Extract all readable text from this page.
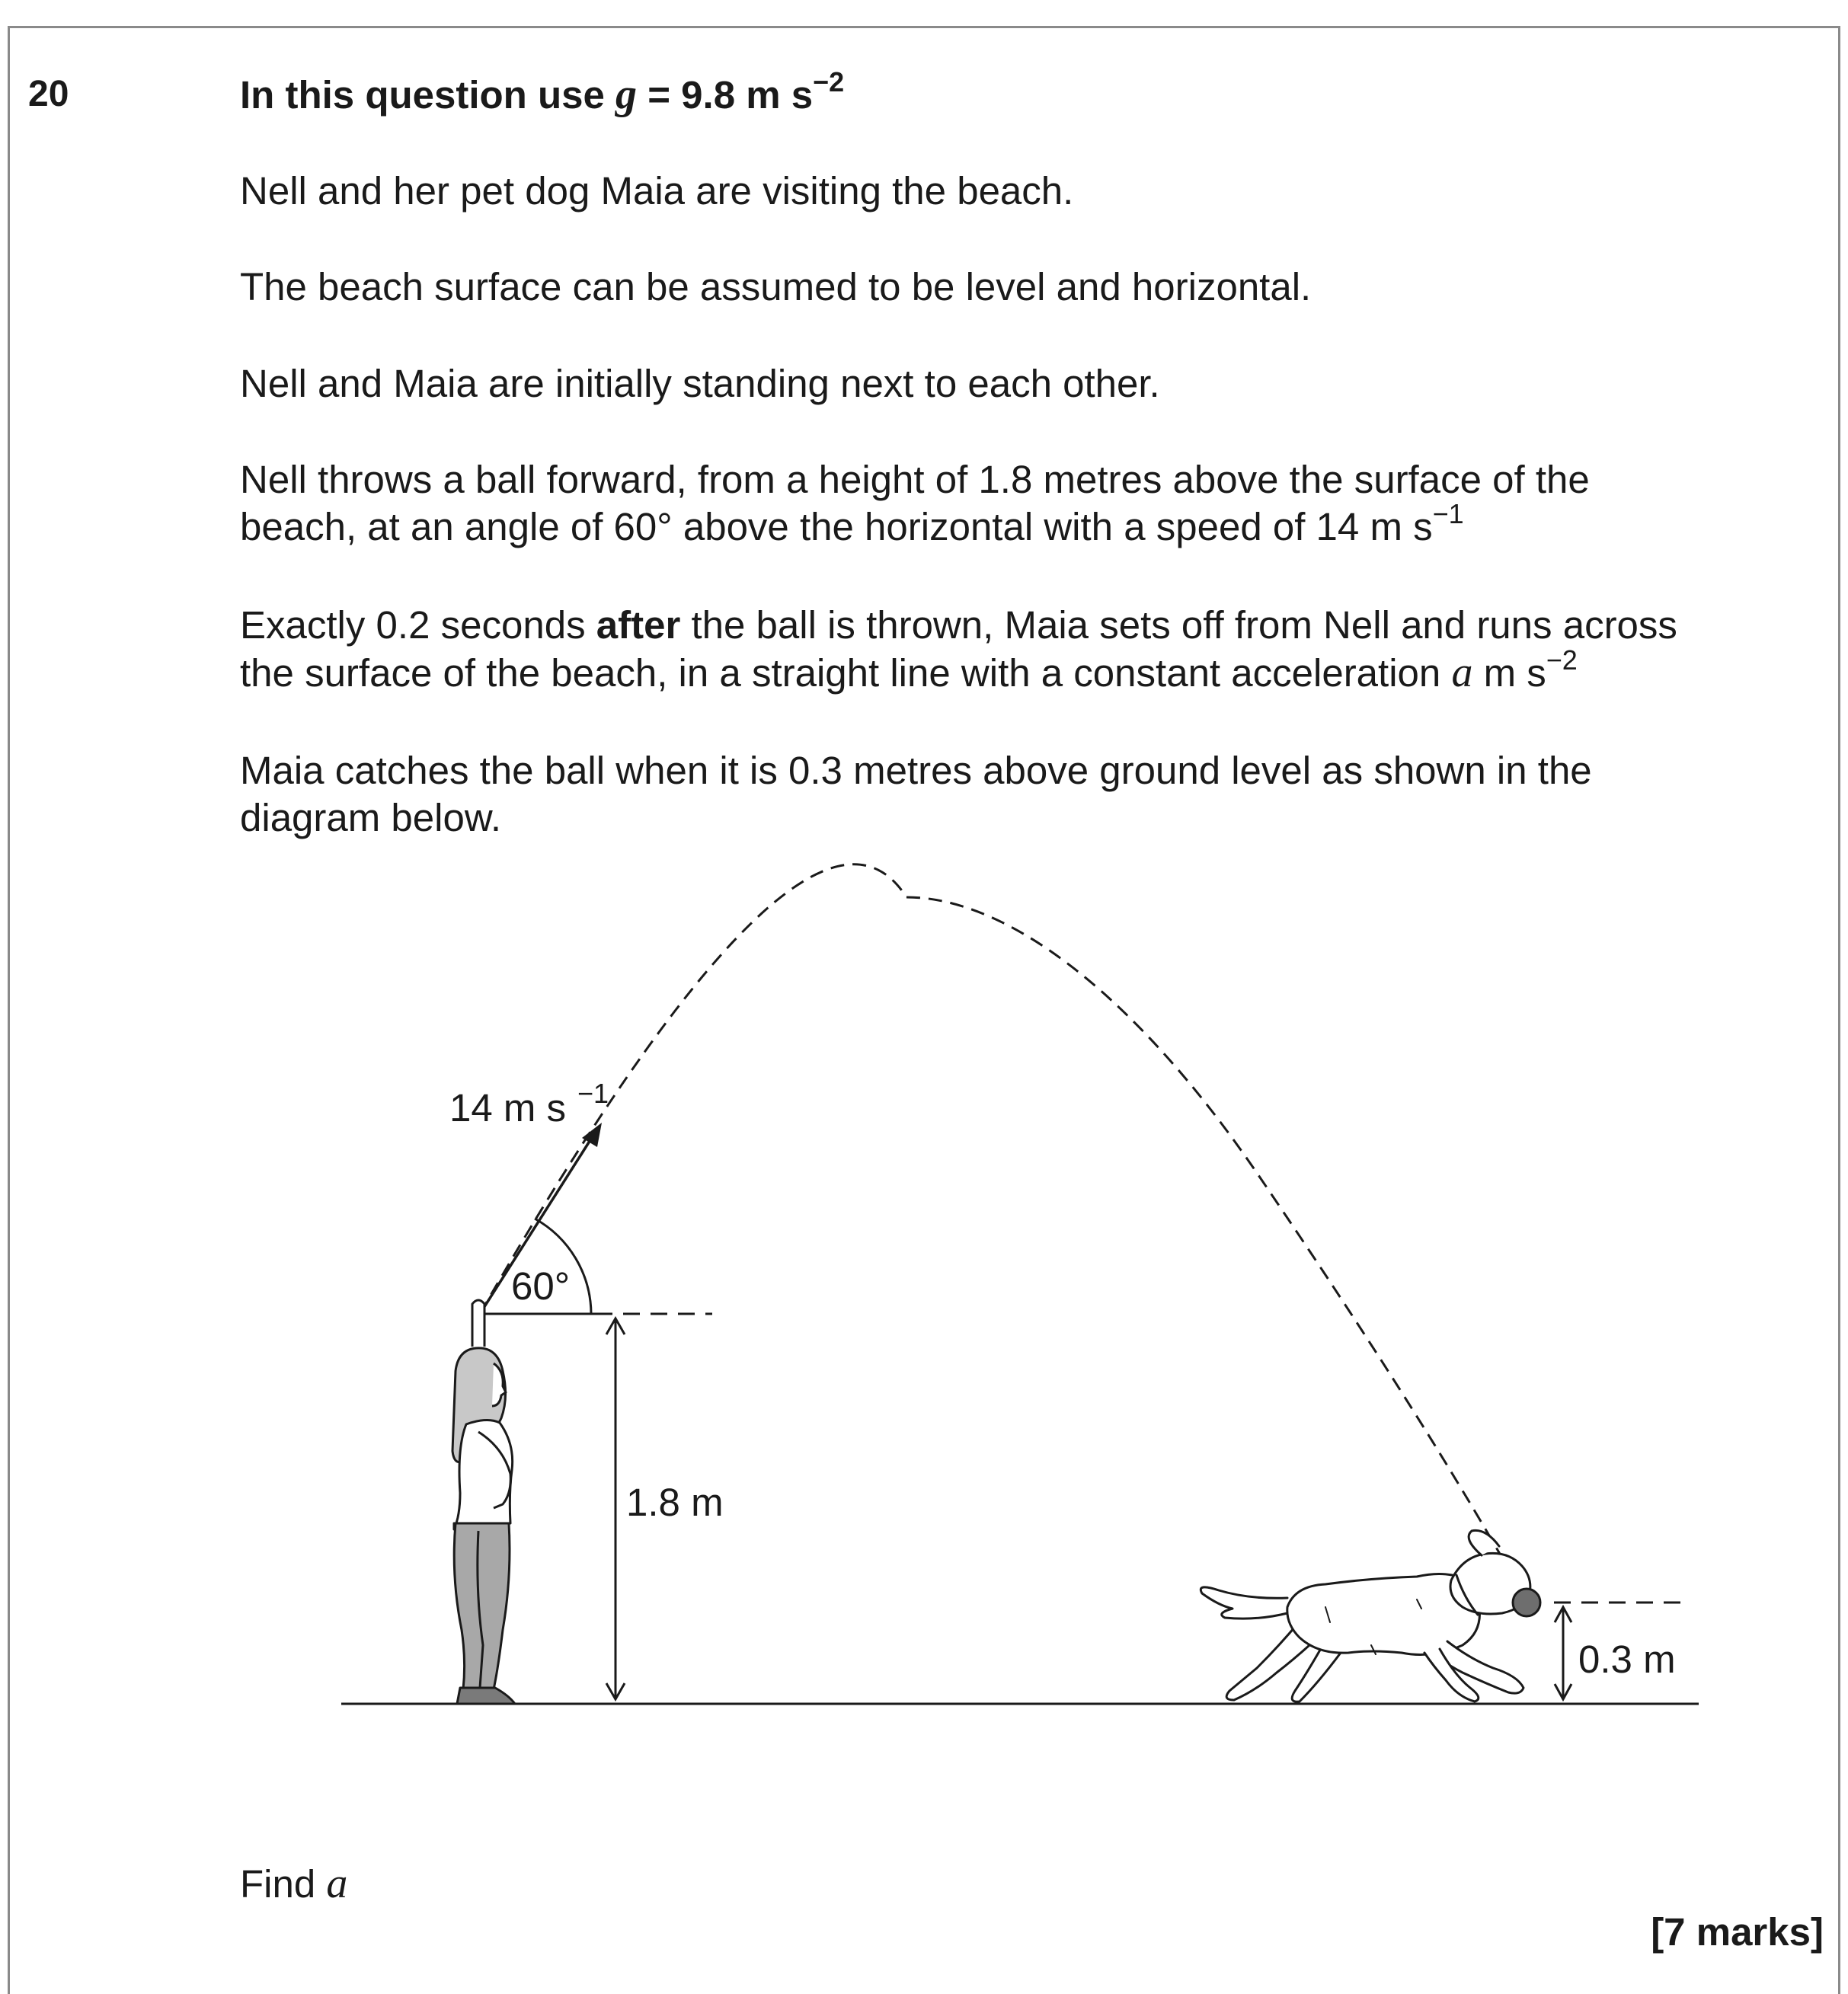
20	In this question use g = 9.8 m $s^{-2}$
Nell and her pet dog Maia are visiting the beach.
The beach surface can be assumed to be level and horizontal.
Nell and Maia are initially standing next to each other.
Nell throws a ball forward, from a height of 1.8 metres above the surface of the
beach, at an angle of 60° above the horizontal with a speed of 14 m $s^{-1}$
Exactly 0.2 seconds after the ball is thrown, Maia sets off from Nell and runs across
the surface of the beach, in a straight line with a constant acceleration a m $s^{-2}$
Maia catches the ball when it is 0.3 metres above ground level as shown in the
diagram below.
14 m s −1
60°
1.8 m
0.3 m
Find a
[7 marks]
